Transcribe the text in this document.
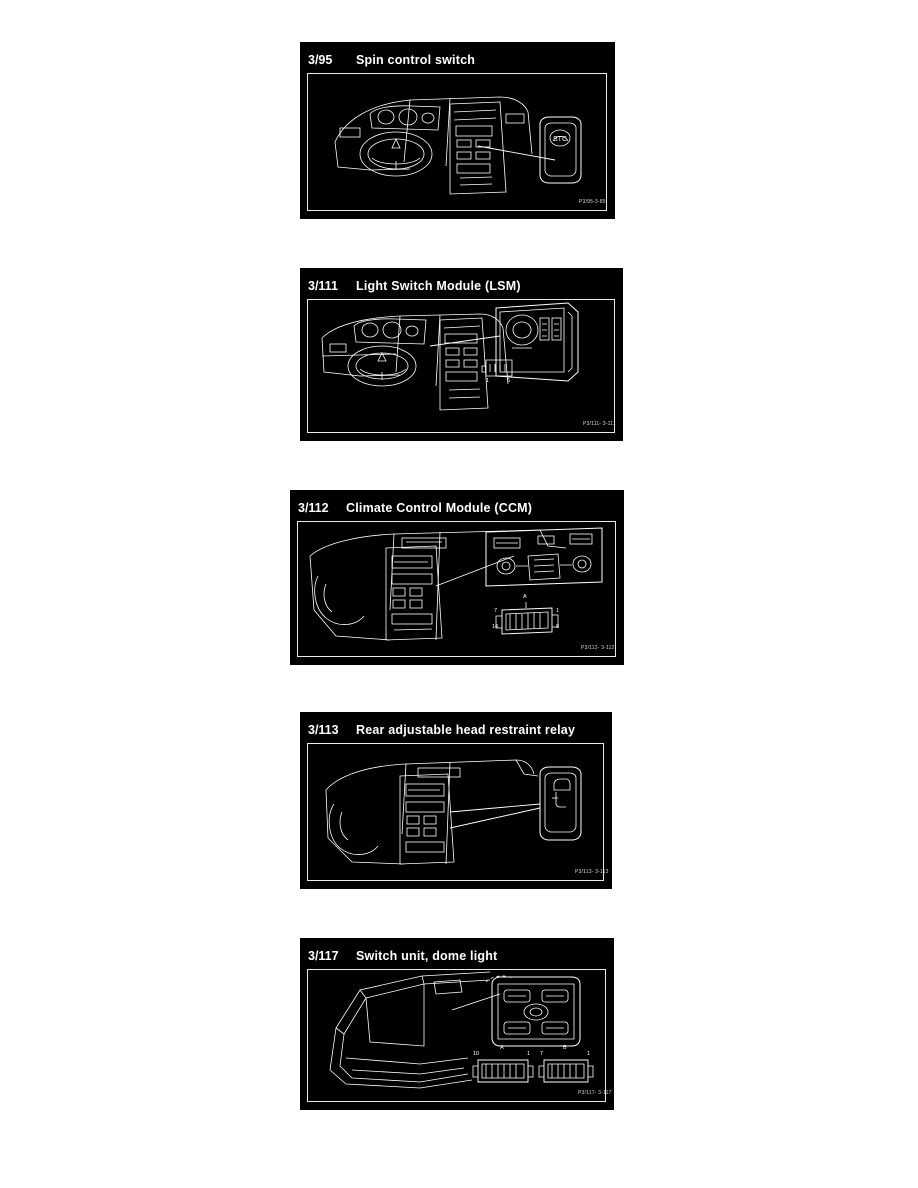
3/95 Spin control switch
STC
P3/95-3-85
3/111 Light Switch Module (LSM)
1	5
P3/111- 3-111
3/112 Climate Control Module (CCM)
A
7
14
1
8
P3/112- 3-112
3/113 Rear adjustable head restraint relay
P3/113- 3-113
3/117 Switch unit, dome light
A	B
10	1 7	1
P3/117- 3-117
